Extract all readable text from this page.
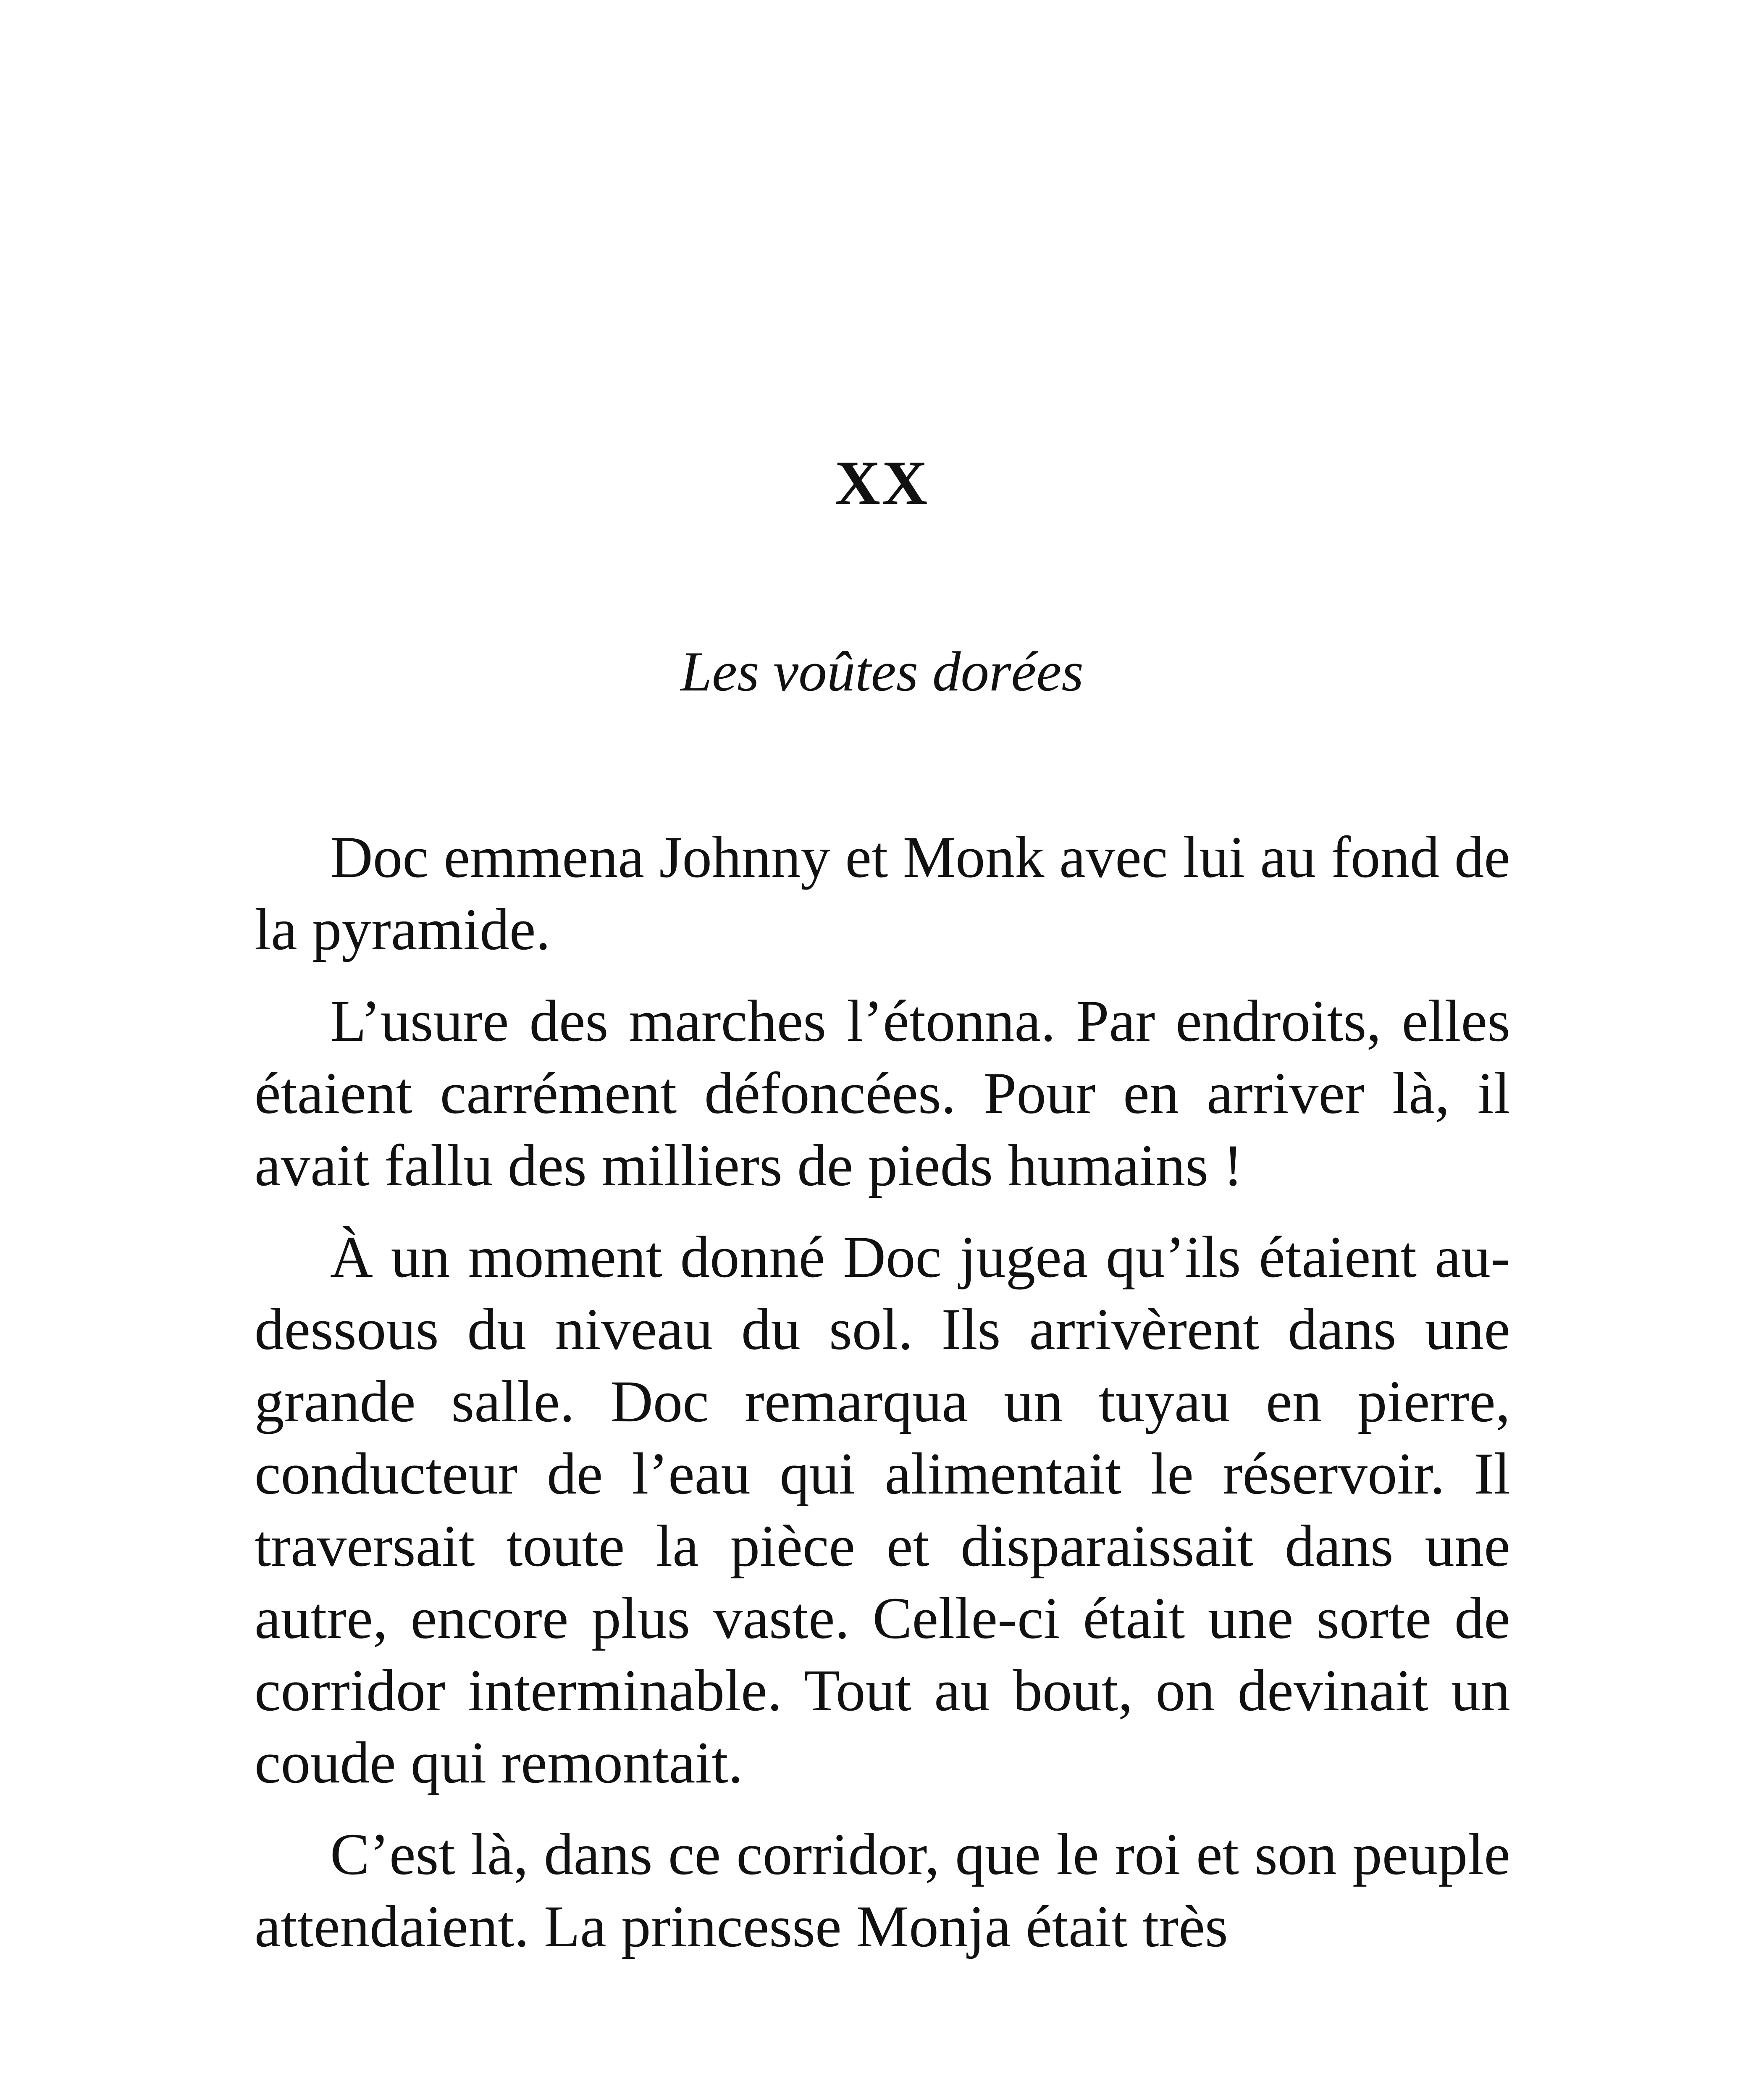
XX
Les voûtes dorées

Doc emmena Johnny et Monk avec lui au fond de la pyramide.

L’usure des marches l’étonna. Par endroits, elles étaient carrément défoncées. Pour en arriver là, il avait fallu des milliers de pieds humains !

À un moment donné Doc jugea qu’ils étaient au-dessous du niveau du sol. Ils arrivèrent dans une grande salle. Doc remarqua un tuyau en pierre, conducteur de l’eau qui alimentait le réservoir. Il traversait toute la pièce et disparaissait dans une autre, encore plus vaste. Celle-ci était une sorte de corridor interminable. Tout au bout, on devinait un coude qui remontait.

C’est là, dans ce corridor, que le roi et son peuple attendaient. La princesse Monja était très
